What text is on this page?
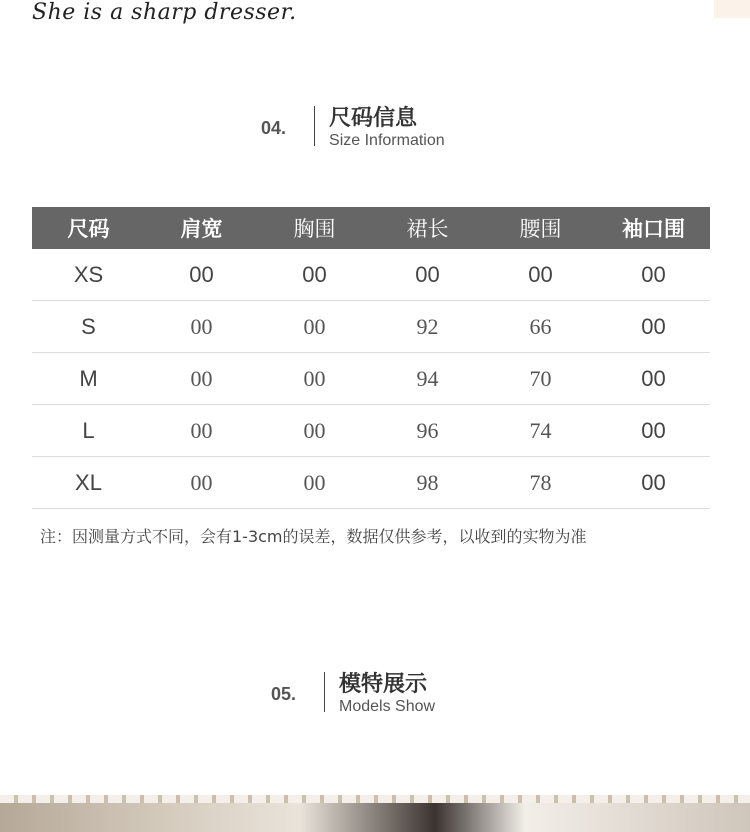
She is a sharp dresser.
04. 尺码信息
Size Information
尺码	肩宽	胸围	裙长	腰围	袖口围
XS	00	00	00	00	00
S	00	00	92	66	00
M	00	00	94	70	00
L	00	00	96	74	00
XL	00	00	98	78	00
注：因测量方式不同，会有1-3cm的误差，数据仅供参考，以收到的实物为准
05. 模特展示
Models Show
